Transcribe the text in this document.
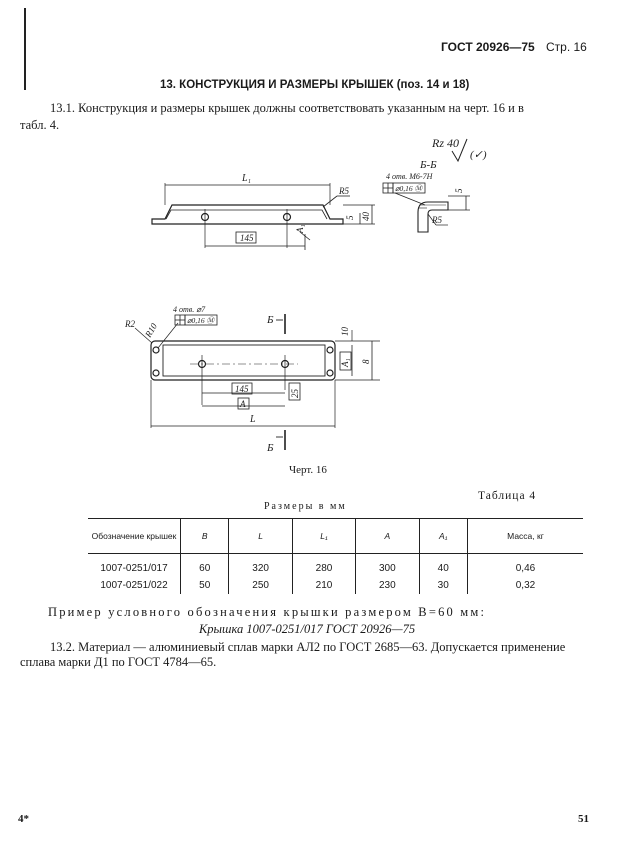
ГОСТ 20926—75 Стр. 16
13. КОНСТРУКЦИЯ И РАЗМЕРЫ КРЫШЕК (поз. 14 и 18)
13.1. Конструкция и размеры крышек должны соответствовать указанным на черт. 16 и в
табл. 4.
L₁
R5
5 40
145
A₁
Rz 40
(✓)
Б-Б
4 отв. М6-7Н
⌀0,16 Ⓜ	5
R5
4 отв. ⌀7
⌀0,16 Ⓜ
R2 R10
Б
10
8
A₁
145	25
A
L
Б
Черт. 16
Таблица 4
Размеры в мм
Обозначение крышек	B	L	L₁	A	A₁	Масса, кг
1007-0251/017	60	320	280	300	40	0,46
1007-0251/022	50	250	210	230	30	0,32
Пример условного обозначения крышки размером B=60 мм:
Крышка 1007-0251/017 ГОСТ 20926—75
13.2. Материал — алюминиевый сплав марки АЛ2 по ГОСТ 2685—63. Допускается применение
сплава марки Д1 по ГОСТ 4784—65.
4*	51
